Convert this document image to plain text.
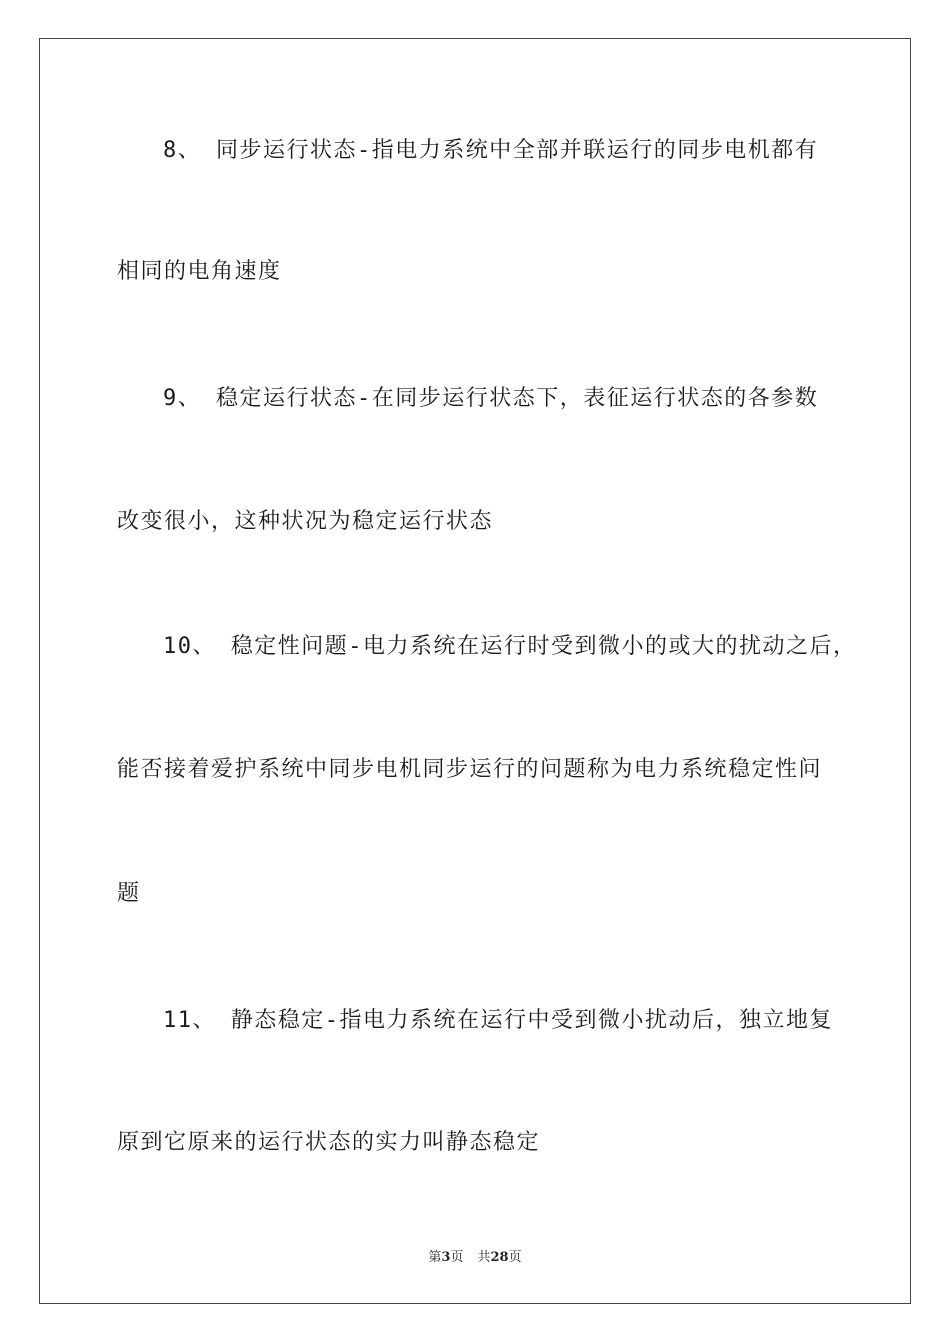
8、 同步运行状态-指电力系统中全部并联运行的同步电机都有
相同的电角速度
9、 稳定运行状态-在同步运行状态下，表征运行状态的各参数
改变很小，这种状况为稳定运行状态
10、 稳定性问题-电力系统在运行时受到微小的或大的扰动之后，
能否接着爱护系统中同步电机同步运行的问题称为电力系统稳定性问
题
11、 静态稳定-指电力系统在运行中受到微小扰动后，独立地复
原到它原来的运行状态的实力叫静态稳定
第3页 共28页
